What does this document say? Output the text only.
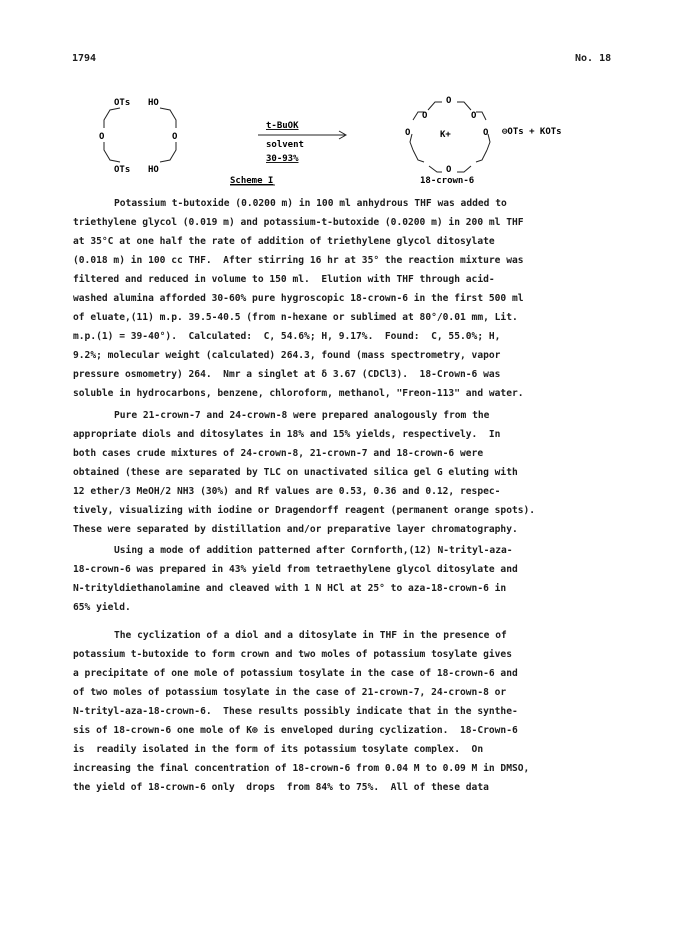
1794	No. 18
OTs HO
O	O
OTs HO
t-BuOK
solvent
30-93%
O
O	O
O	O
O
K+	⊖OTs + KOTs
Scheme I	18-crown-6
Potassium t-butoxide (0.0200 m) in 100 ml anhydrous THF was added to
triethylene glycol (0.019 m) and potassium-t-butoxide (0.0200 m) in 200 ml THF
at 35°C at one half the rate of addition of triethylene glycol ditosylate
(0.018 m) in 100 cc THF.  After stirring 16 hr at 35° the reaction mixture was
filtered and reduced in volume to 150 ml.  Elution with THF through acid-
washed alumina afforded 30-60% pure hygroscopic 18-crown-6 in the first 500 ml
of eluate,(11) m.p. 39.5-40.5 (from n-hexane or sublimed at 80°/0.01 mm, Lit.
m.p.(1) = 39-40°).  Calculated:  C, 54.6%; H, 9.17%.  Found:  C, 55.0%; H,
9.2%; molecular weight (calculated) 264.3, found (mass spectrometry, vapor
pressure osmometry) 264.  Nmr a singlet at δ 3.67 (CDCl3).  18-Crown-6 was
soluble in hydrocarbons, benzene, chloroform, methanol, "Freon-113" and water.
Pure 21-crown-7 and 24-crown-8 were prepared analogously from the
appropriate diols and ditosylates in 18% and 15% yields, respectively.  In
both cases crude mixtures of 24-crown-8, 21-crown-7 and 18-crown-6 were
obtained (these are separated by TLC on unactivated silica gel G eluting with
12 ether/3 MeOH/2 NH3 (30%) and Rf values are 0.53, 0.36 and 0.12, respec-
tively, visualizing with iodine or Dragendorff reagent (permanent orange spots).
These were separated by distillation and/or preparative layer chromatography.
Using a mode of addition patterned after Cornforth,(12) N-trityl-aza-
18-crown-6 was prepared in 43% yield from tetraethylene glycol ditosylate and
N-trityldiethanolamine and cleaved with 1 N HCl at 25° to aza-18-crown-6 in
65% yield.
The cyclization of a diol and a ditosylate in THF in the presence of
potassium t-butoxide to form crown and two moles of potassium tosylate gives
a precipitate of one mole of potassium tosylate in the case of 18-crown-6 and
of two moles of potassium tosylate in the case of 21-crown-7, 24-crown-8 or
N-trityl-aza-18-crown-6.  These results possibly indicate that in the synthe-
sis of 18-crown-6 one mole of K⊕ is enveloped during cyclization.  18-Crown-6
is  readily isolated in the form of its potassium tosylate complex.  On
increasing the final concentration of 18-crown-6 from 0.04 M to 0.09 M in DMSO,
the yield of 18-crown-6 only  drops  from 84% to 75%.  All of these data
